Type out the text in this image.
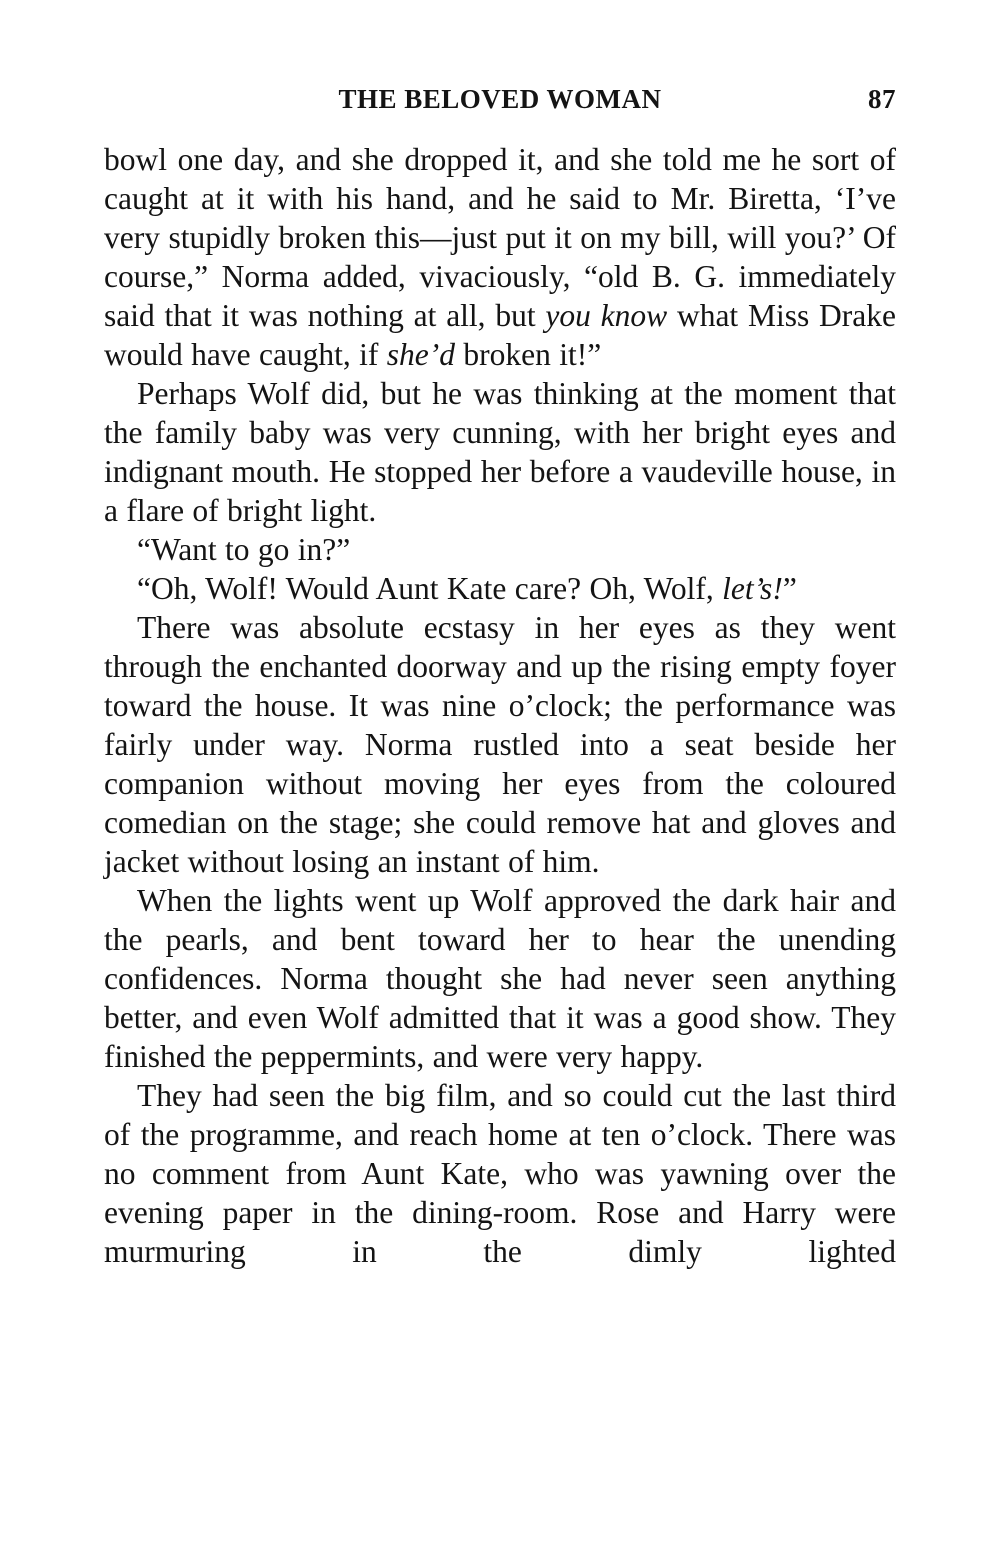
THE BELOVED WOMAN	87

bowl one day, and she dropped it, and she told me he sort of caught at it with his hand, and he said to Mr. Biretta, ‘I’ve very stupidly broken this—just put it on my bill, will you?’ Of course,” Norma added, vivaciously, “old B. G. immediately said that it was nothing at all, but you know what Miss Drake would have caught, if she’d broken it!”

Perhaps Wolf did, but he was thinking at the moment that the family baby was very cunning, with her bright eyes and indignant mouth. He stopped her before a vaudeville house, in a flare of bright light.

“Want to go in?”

“Oh, Wolf! Would Aunt Kate care? Oh, Wolf, let’s!”

There was absolute ecstasy in her eyes as they went through the enchanted doorway and up the rising empty foyer toward the house. It was nine o’clock; the performance was fairly under way. Norma rustled into a seat beside her companion without moving her eyes from the coloured comedian on the stage; she could remove hat and gloves and jacket without losing an instant of him.

When the lights went up Wolf approved the dark hair and the pearls, and bent toward her to hear the unending confidences. Norma thought she had never seen anything better, and even Wolf admitted that it was a good show. They finished the peppermints, and were very happy.

They had seen the big film, and so could cut the last third of the programme, and reach home at ten o’clock. There was no comment from Aunt Kate, who was yawning over the evening paper in the dining-room. Rose and Harry were murmuring in the dimly lighted
